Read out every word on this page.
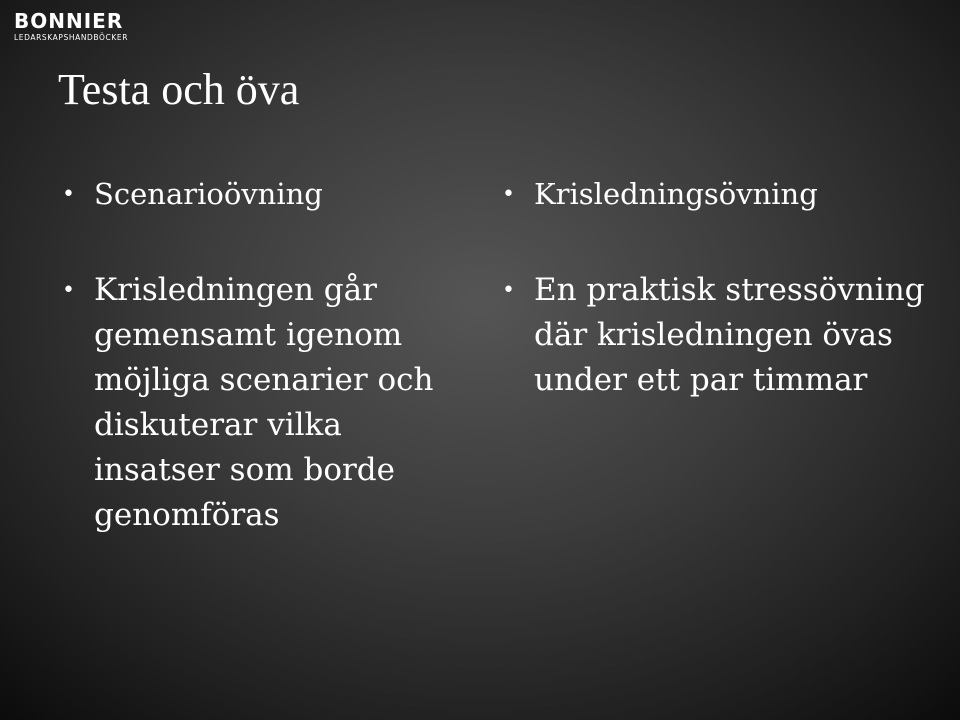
BONNIER
LEDARSKAPSHANDBÖCKER
Testa och öva
• Scenarioövning
• Krisledningen går gemensamt igenom möjliga scenarier och diskuterar vilka insatser som borde genomföras
• Krisledningsövning
• En praktisk stressövning där krisledningen övas under ett par timmar
